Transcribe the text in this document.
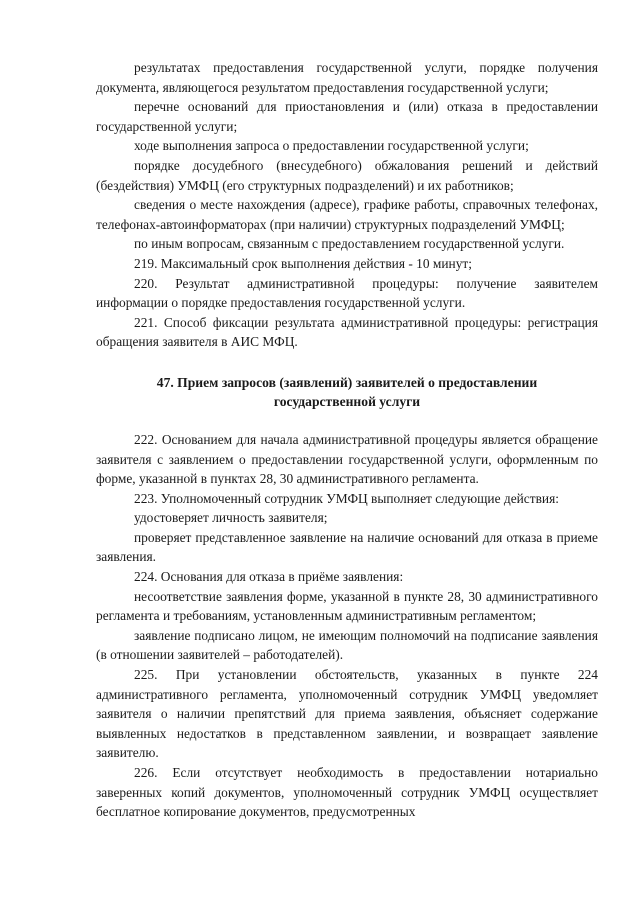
результатах предоставления государственной услуги, порядке получения документа, являющегося результатом предоставления государственной услуги;

перечне оснований для приостановления и (или) отказа в предоставлении государственной услуги;

ходе выполнения запроса о предоставлении государственной услуги;

порядке досудебного (внесудебного) обжалования решений и действий (бездействия) УМФЦ (его структурных подразделений) и их работников;

сведения о месте нахождения (адресе), графике работы, справочных телефонах, телефонах-автоинформаторах (при наличии) структурных подразделений УМФЦ;

по иным вопросам, связанным с предоставлением государственной услуги.

219. Максимальный срок выполнения действия - 10 минут;

220. Результат административной процедуры: получение заявителем информации о порядке предоставления государственной услуги.

221. Способ фиксации результата административной процедуры: регистрация обращения заявителя в АИС МФЦ.

47. Прием запросов (заявлений) заявителей о предоставлении государственной услуги

222. Основанием для начала административной процедуры является обращение заявителя с заявлением о предоставлении государственной услуги, оформленным по форме, указанной в пунктах 28, 30 административного регламента.

223. Уполномоченный сотрудник УМФЦ выполняет следующие действия:

удостоверяет личность заявителя;

проверяет представленное заявление на наличие оснований для отказа в приеме заявления.

224. Основания для отказа в приёме заявления:

несоответствие заявления форме, указанной в пункте 28, 30 административного регламента и требованиям, установленным административным регламентом;

заявление подписано лицом, не имеющим полномочий на подписание заявления (в отношении заявителей – работодателей).

225. При установлении обстоятельств, указанных в пункте 224 административного регламента, уполномоченный сотрудник УМФЦ уведомляет заявителя о наличии препятствий для приема заявления, объясняет содержание выявленных недостатков в представленном заявлении, и возвращает заявление заявителю.

226. Если отсутствует необходимость в предоставлении нотариально заверенных копий документов, уполномоченный сотрудник УМФЦ осуществляет бесплатное копирование документов, предусмотренных
